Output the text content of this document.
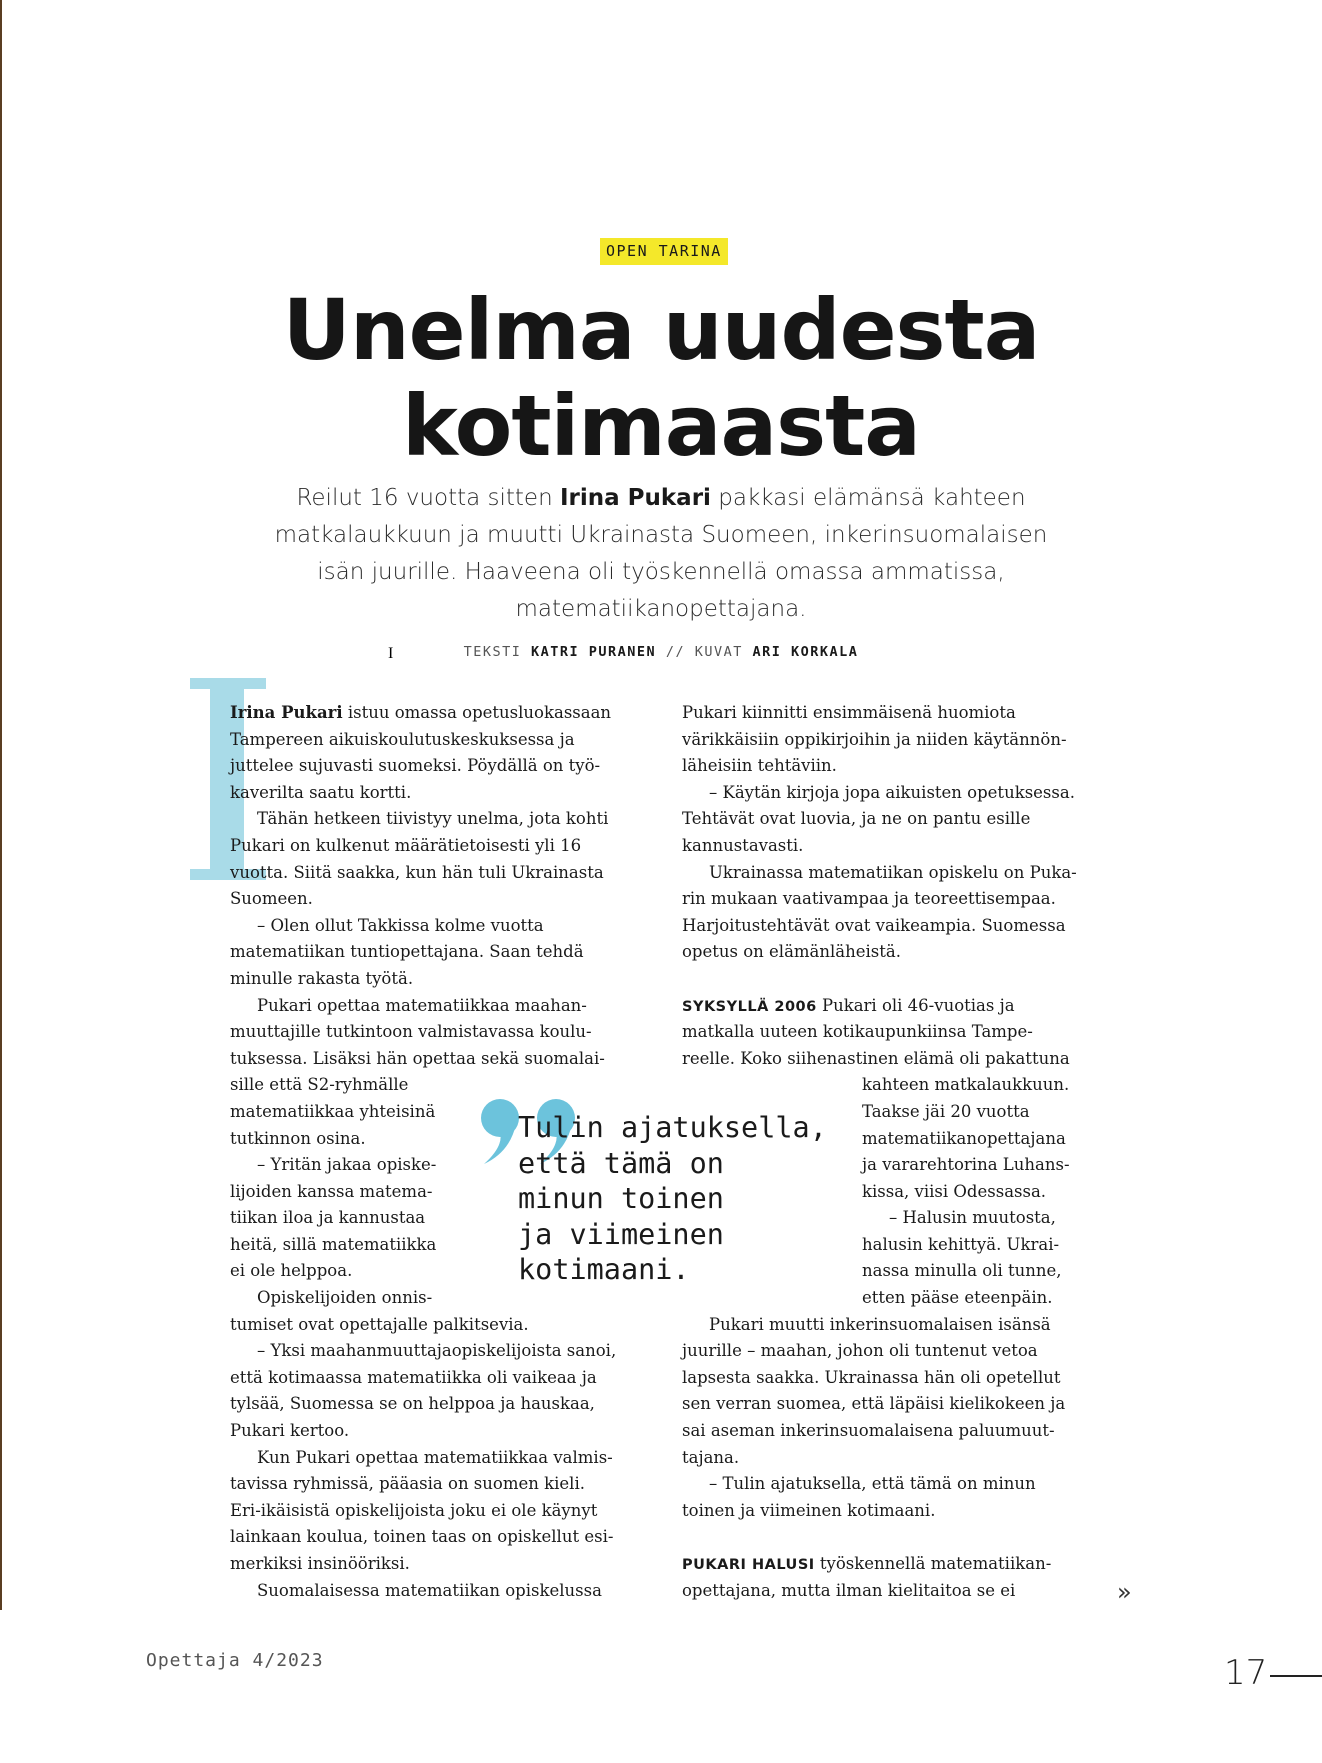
OPEN TARINA
Unelma uudesta
kotimaasta
Reilut 16 vuotta sitten Irina Pukari pakkasi elämänsä kahteen
matkalaukkuun ja muutti Ukrainasta Suomeen, inkerinsuomalaisen
isän juurille. Haaveena oli työskennellä omassa ammatissa,
matematiikanopettajana.
TEKSTI KATRI PURANEN // KUVAT ARI KORKALA
I
Irina Pukari istuu omassa opetusluokassaan
Tampereen aikuiskoulutuskeskuksessa ja
juttelee sujuvasti suomeksi. Pöydällä on työ-
kaverilta saatu kortti.
Tähän hetkeen tiivistyy unelma, jota kohti
Pukari on kulkenut määrätietoisesti yli 16
vuotta. Siitä saakka, kun hän tuli Ukrainasta
Suomeen.
– Olen ollut Takkissa kolme vuotta
matematiikan tuntiopettajana. Saan tehdä
minulle rakasta työtä.
Pukari opettaa matematiikkaa maahan-
muuttajille tutkintoon valmistavassa koulu-
tuksessa. Lisäksi hän opettaa sekä suomalai-
sille että S2-ryhmälle
matematiikkaa yhteisinä
tutkinnon osina.
– Yritän jakaa opiske-
lijoiden kanssa matema-
tiikan iloa ja kannustaa
heitä, sillä matematiikka
ei ole helppoa.
Opiskelijoiden onnis-
tumiset ovat opettajalle palkitsevia.
– Yksi maahanmuuttajaopiskelijoista sanoi,
että kotimaassa matematiikka oli vaikeaa ja
tylsää, Suomessa se on helppoa ja hauskaa,
Pukari kertoo.
Kun Pukari opettaa matematiikkaa valmis-
tavissa ryhmissä, pääasia on suomen kieli.
Eri-ikäisistä opiskelijoista joku ei ole käynyt
lainkaan koulua, toinen taas on opiskellut esi-
merkiksi insinööriksi.
Suomalaisessa matematiikan opiskelussa
Pukari kiinnitti ensimmäisenä huomiota
värikkäisiin oppikirjoihin ja niiden käytännön-
läheisiin tehtäviin.
– Käytän kirjoja jopa aikuisten opetuksessa.
Tehtävät ovat luovia, ja ne on pantu esille
kannustavasti.
Ukrainassa matematiikan opiskelu on Puka-
rin mukaan vaativampaa ja teoreettisempaa.
Harjoitustehtävät ovat vaikeampia. Suomessa
opetus on elämänläheistä.
SYKSYLLÄ 2006 Pukari oli 46-vuotias ja
matkalla uuteen kotikaupunkiinsa Tampe-
reelle. Koko siihenastinen elämä oli pakattuna
kahteen matkalaukkuun.
Taakse jäi 20 vuotta
matematiikanopettajana
ja vararehtorina Luhans-
kissa, viisi Odessassa.
– Halusin muutosta,
halusin kehittyä. Ukrai-
nassa minulla oli tunne,
etten pääse eteenpäin.
Pukari muutti inkerinsuomalaisen isänsä
juurille – maahan, johon oli tuntenut vetoa
lapsesta saakka. Ukrainassa hän oli opetellut
sen verran suomea, että läpäisi kielikokeen ja
sai aseman inkerinsuomalaisena paluumuut-
tajana.
– Tulin ajatuksella, että tämä on minun
toinen ja viimeinen kotimaani.
PUKARI HALUSI työskennellä matematiikan-
opettajana, mutta ilman kielitaitoa se ei
Tulin ajatuksella,
että tämä on
minun toinen
ja viimeinen
kotimaani.
»
Opettaja 4/2023	17
